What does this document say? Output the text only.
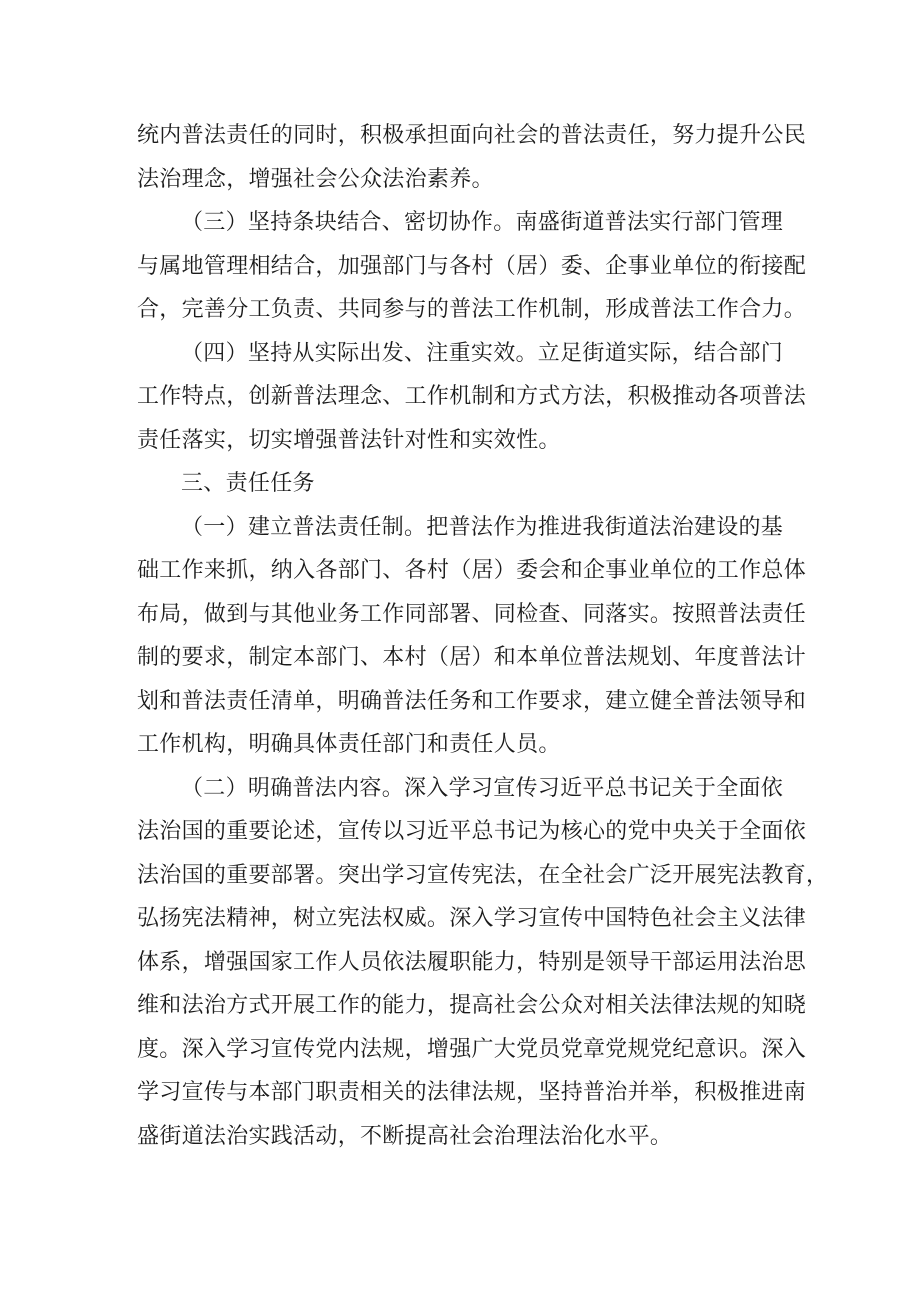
统内普法责任的同时，积极承担面向社会的普法责任，努力提升公民
法治理念，增强社会公众法治素养。
（三）坚持条块结合、密切协作。南盛街道普法实行部门管理
与属地管理相结合，加强部门与各村（居）委、企事业单位的衔接配
合，完善分工负责、共同参与的普法工作机制，形成普法工作合力。
（四）坚持从实际出发、注重实效。立足街道实际，结合部门
工作特点，创新普法理念、工作机制和方式方法，积极推动各项普法
责任落实，切实增强普法针对性和实效性。
三、责任任务
（一）建立普法责任制。把普法作为推进我街道法治建设的基
础工作来抓，纳入各部门、各村（居）委会和企事业单位的工作总体
布局，做到与其他业务工作同部署、同检查、同落实。按照普法责任
制的要求，制定本部门、本村（居）和本单位普法规划、年度普法计
划和普法责任清单，明确普法任务和工作要求，建立健全普法领导和
工作机构，明确具体责任部门和责任人员。
（二）明确普法内容。深入学习宣传习近平总书记关于全面依
法治国的重要论述，宣传以习近平总书记为核心的党中央关于全面依
法治国的重要部署。突出学习宣传宪法，在全社会广泛开展宪法教育，
弘扬宪法精神，树立宪法权威。深入学习宣传中国特色社会主义法律
体系，增强国家工作人员依法履职能力，特别是领导干部运用法治思
维和法治方式开展工作的能力，提高社会公众对相关法律法规的知晓
度。深入学习宣传党内法规，增强广大党员党章党规党纪意识。深入
学习宣传与本部门职责相关的法律法规，坚持普治并举，积极推进南
盛街道法治实践活动，不断提高社会治理法治化水平。
